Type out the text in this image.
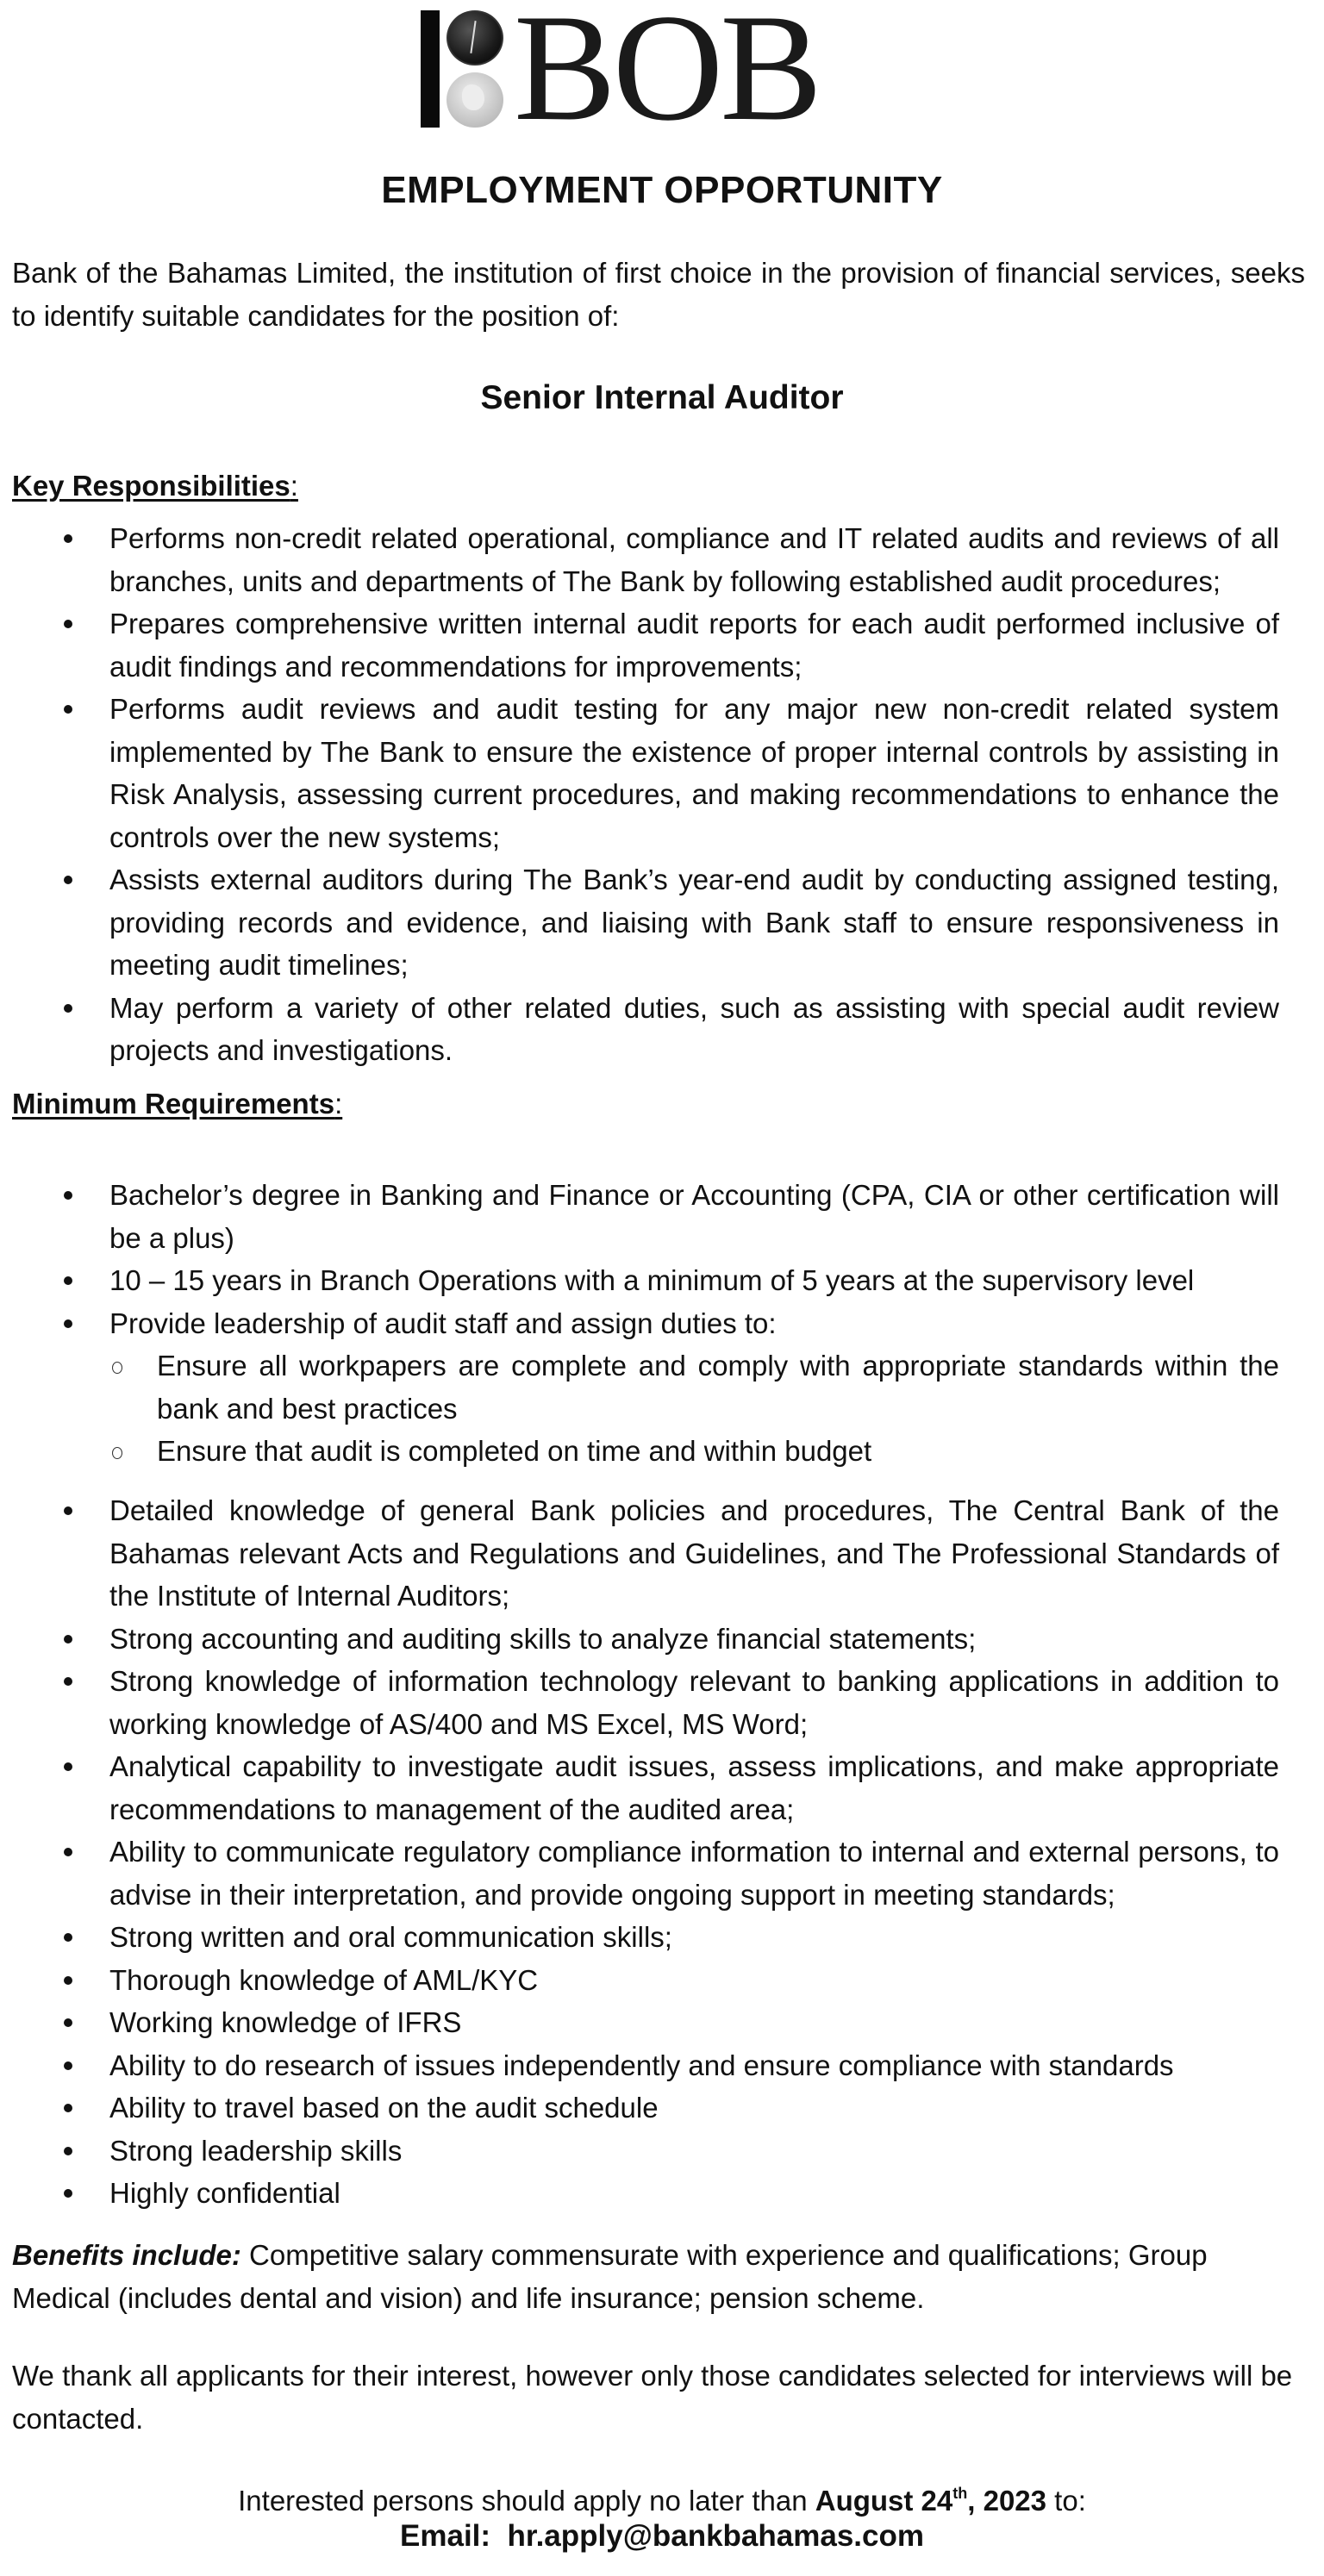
BOB
EMPLOYMENT OPPORTUNITY

Bank of the Bahamas Limited, the institution of first choice in the provision of financial services, seeks to identify suitable candidates for the position of:

Senior Internal Auditor
Key Responsibilities:
Performs non-credit related operational, compliance and IT related audits and reviews of all branches, units and departments of The Bank by following established audit procedures;
Prepares comprehensive written internal audit reports for each audit performed inclusive of audit findings and recommendations for improvements;
Performs audit reviews and audit testing for any major new non-credit related system implemented by The Bank to ensure the existence of proper internal controls by assisting in Risk Analysis, assessing current procedures, and making recommendations to enhance the controls over the new systems;
Assists external auditors during The Bank’s year-end audit by conducting assigned testing, providing records and evidence, and liaising with Bank staff to ensure responsiveness in meeting audit timelines;
May perform a variety of other related duties, such as assisting with special audit review projects and investigations.
Minimum Requirements:
Bachelor’s degree in Banking and Finance or Accounting (CPA, CIA or other certification will be a plus)
10 – 15 years in Branch Operations with a minimum of 5 years at the supervisory level
Provide leadership of audit staff and assign duties to:
Ensure all workpapers are complete and comply with appropriate standards within the bank and best practices
Ensure that audit is completed on time and within budget
Detailed knowledge of general Bank policies and procedures, The Central Bank of the Bahamas relevant Acts and Regulations and Guidelines, and The Professional Standards of the Institute of Internal Auditors;
Strong accounting and auditing skills to analyze financial statements;
Strong knowledge of information technology relevant to banking applications in addition to working knowledge of AS/400 and MS Excel, MS Word;
Analytical capability to investigate audit issues, assess implications, and make appropriate recommendations to management of the audited area;
Ability to communicate regulatory compliance information to internal and external persons, to advise in their interpretation, and provide ongoing support in meeting standards;
Strong written and oral communication skills;
Thorough knowledge of AML/KYC
Working knowledge of IFRS
Ability to do research of issues independently and ensure compliance with standards
Ability to travel based on the audit schedule
Strong leadership skills
Highly confidential

Benefits include: Competitive salary commensurate with experience and qualifications; Group Medical (includes dental and vision) and life insurance; pension scheme.

We thank all applicants for their interest, however only those candidates selected for interviews will be contacted.

Interested persons should apply no later than August 24th, 2023 to:

Email: hr.apply@bankbahamas.com
